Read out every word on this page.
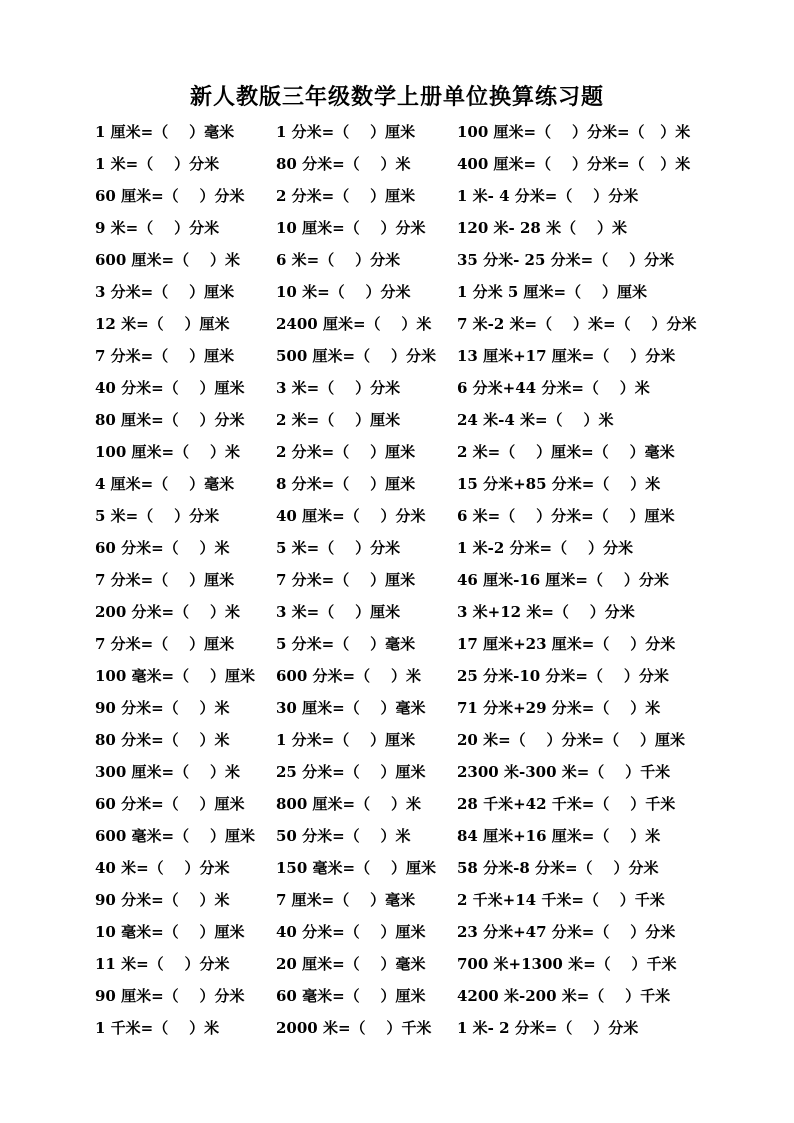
新人教版三年级数学上册单位换算练习题
1 厘米=（    ）毫米	1 分米=（    ）厘米	100 厘米=（    ）分米=（   ）米
1 米=（    ）分米	80 分米=（    ）米	400 厘米=（    ）分米=（   ）米
60 厘米=（    ）分米 2 分米=（    ）厘米	1 米- 4 分米=（    ）分米
9 米=（    ）分米	10 厘米=（    ）分米 120 米- 28 米（    ）米
600 厘米=（    ）米 6 米=（    ）分米	35 分米- 25 分米=（    ）分米
3 分米=（    ）厘米	10 米=（    ）分米	1 分米 5 厘米=（    ）厘米
12 米=（    ）厘米	2400 厘米=（    ）米 7 米-2 米=（    ）米=（    ）分米
7 分米=（    ）厘米	500 厘米=（    ）分米 13 厘米+17 厘米=（    ）分米
40 分米=（    ）厘米 3 米=（    ）分米	6 分米+44 分米=（    ）米
80 厘米=（    ）分米 2 米=（    ）厘米	24 米-4 米=（    ）米
100 厘米=（    ）米 2 分米=（    ）厘米	2 米=（    ）厘米=（    ）毫米
4 厘米=（    ）毫米	8 分米=（    ）厘米	15 分米+85 分米=（    ）米
5 米=（    ）分米	40 厘米=（    ）分米 6 米=（    ）分米=（    ）厘米
60 分米=（    ）米	5 米=（    ）分米	1 米-2 分米=（    ）分米
7 分米=（    ）厘米	7 分米=（    ）厘米	46 厘米-16 厘米=（    ）分米
200 分米=（    ）米 3 米=（    ）厘米	3 米+12 米=（    ）分米
7 分米=（    ）厘米	5 分米=（    ）毫米	17 厘米+23 厘米=（    ）分米
100 毫米=（    ）厘米 600 分米=（    ）米 25 分米-10 分米=（    ）分米
90 分米=（    ）米	30 厘米=（    ）毫米 71 分米+29 分米=（    ）米
80 分米=（    ）米	1 分米=（    ）厘米	20 米=（    ）分米=（    ）厘米
300 厘米=（    ）米 25 分米=（    ）厘米 2300 米-300 米=（    ）千米
60 分米=（    ）厘米 800 厘米=（    ）米 28 千米+42 千米=（    ）千米
600 毫米=（    ）厘米 50 分米=（    ）米	84 厘米+16 厘米=（    ）米
40 米=（    ）分米	150 毫米=（    ）厘米 58 分米-8 分米=（    ）分米
90 分米=（    ）米	7 厘米=（    ）毫米	2 千米+14 千米=（    ）千米
10 毫米=（    ）厘米 40 分米=（    ）厘米 23 分米+47 分米=（    ）分米
11 米=（    ）分米	20 厘米=（    ）毫米 700 米+1300 米=（    ）千米
90 厘米=（    ）分米 60 毫米=（    ）厘米 4200 米-200 米=（    ）千米
1 千米=（    ）米	2000 米=（    ）千米 1 米- 2 分米=（    ）分米
